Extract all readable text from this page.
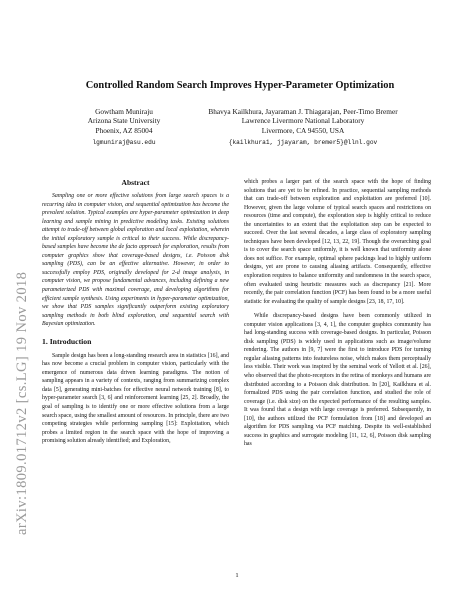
arXiv:1809.01712v2 [cs.LG] 19 Nov 2018
Controlled Random Search Improves Hyper-Parameter Optimization
Gowtham Muniraju
Arizona State University
Phoenix, AZ 85004
lgmuniraj@asu.edu
Bhavya Kailkhura, Jayaraman J. Thiagarajan, Peer-Timo Bremer
Lawrence Livermore National Laboratory
Livermore, CA 94550, USA
{kailkhura1, jjayaram, bremer5}@llnl.gov
Abstract

Sampling one or more effective solutions from large search spaces is a recurring idea in computer vision, and sequential optimization has become the prevalent solution. Typical examples are hyper-parameter optimization in deep learning and sample mining in predictive modeling tasks. Existing solutions attempt to trade-off between global exploration and local exploitation, wherein the initial exploratory sample is critical to their success. While discrepancy-based samples have become the de facto approach for exploration, results from computer graphics show that coverage-based designs, i.e. Poisson disk sampling (PDS), can be an effective alternative. However, in order to successfully employ PDS, originally developed for 2-d image analysis, in computer vision, we propose fundamental advances, including defining a new parameterized PDS with maximal coverage, and developing algorithms for efficient sample synthesis. Using experiments in hyper-parameter optimization, we show that PDS samples significantly outperform existing exploratory sampling methods in both blind exploration, and sequential search with Bayesian optimization.

1. Introduction

Sample design has been a long-standing research area in statistics [16], and has now become a crucial problem in computer vision, particularly with the emergence of numerous data driven learning paradigms. The notion of sampling appears in a variety of contexts, ranging from summarizing complex data [5], generating mini-batches for effective neural network training [8], to hyper-parameter search [3, 6] and reinforcement learning [25, 2]. Broadly, the goal of sampling is to identify one or more effective solutions from a large search space, using the smallest amount of resources. In principle, there are two competing strategies while performing sampling [15]: Exploitation, which probes a limited region in the search space with the hope of improving a promising solution already identified; and Exploration,

which probes a larger part of the search space with the hope of finding solutions that are yet to be refined. In practice, sequential sampling methods that can trade-off between exploration and exploitation are preferred [10]. However, given the large volume of typical search spaces and restrictions on resources (time and compute), the exploration step is highly critical to reduce the uncertainties to an extent that the exploitation step can be expected to succeed. Over the last several decades, a large class of exploratory sampling techniques have been developed [12, 13, 22, 19]. Though the overarching goal is to cover the search space uniformly, it is well known that uniformity alone does not suffice. For example, optimal sphere packings lead to highly uniform designs, yet are prone to causing aliasing artifacts. Consequently, effective exploration requires to balance uniformity and randomness in the search space, often evaluated using heuristic measures such as discrepancy [21]. More recently, the pair correlation function (PCF) has been found to be a more useful statistic for evaluating the quality of sample designs [23, 18, 17, 10].

While discrepancy-based designs have been commonly utilized in computer vision applications [3, 4, 1], the computer graphics community has had long-standing success with coverage-based designs. In particular, Poisson disk sampling (PDS) is widely used in applications such as image/volume rendering. The authors in [9, 7] were the first to introduce PDS for turning regular aliasing patterns into featureless noise, which makes them perceptually less visible. Their work was inspired by the seminal work of Yellott et al. [26], who observed that the photo-receptors in the retina of monkeys and humans are distributed according to a Poisson disk distribution. In [20], Kailkhura et al. formalized PDS using the pair correlation function, and studied the role of coverage (i.e. disk size) on the expected performance of the resulting samples. It was found that a design with large coverage is preferred. Subsequently, in [10], the authors utilized the PCF formulation from [18] and developed an algorithm for PDS sampling via PCF matching. Despite its well-established success in graphics and surrogate modeling [11, 12, 6], Poisson disk sampling has

1
